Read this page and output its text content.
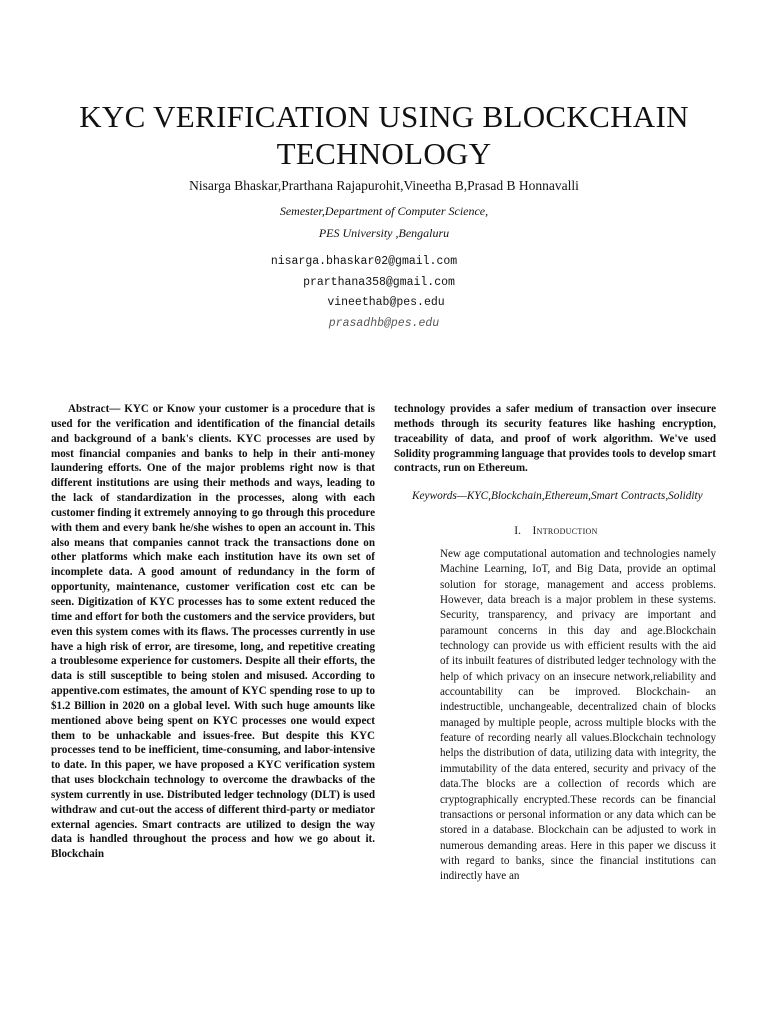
KYC VERIFICATION USING BLOCKCHAIN TECHNOLOGY
Nisarga Bhaskar,Prarthana Rajapurohit,Vineetha B,Prasad B Honnavalli
Semester,Department of Computer Science,
PES University ,Bengaluru
nisarga.bhaskar02@gmail.com
prarthana358@gmail.com
vineethab@pes.edu
prasadhb@pes.edu
Abstract— KYC or Know your customer is a procedure that is used for the verification and identification of the financial details and background of a bank's clients. KYC processes are used by most financial companies and banks to help in their anti-money laundering efforts. One of the major problems right now is that different institutions are using their methods and ways, leading to the lack of standardization in the processes, along with each customer finding it extremely annoying to go through this procedure with them and every bank he/she wishes to open an account in. This also means that companies cannot track the transactions done on other platforms which make each institution have its own set of incomplete data. A good amount of redundancy in the form of opportunity, maintenance, customer verification cost etc can be seen. Digitization of KYC processes has to some extent reduced the time and effort for both the customers and the service providers, but even this system comes with its flaws. The processes currently in use have a high risk of error, are tiresome, long, and repetitive creating a troublesome experience for customers. Despite all their efforts, the data is still susceptible to being stolen and misused. According to appentive.com estimates, the amount of KYC spending rose to up to $1.2 Billion in 2020 on a global level. With such huge amounts like mentioned above being spent on KYC processes one would expect them to be unhackable and issues-free. But despite this KYC processes tend to be inefficient, time-consuming, and labor-intensive to date. In this paper, we have proposed a KYC verification system that uses blockchain technology to overcome the drawbacks of the system currently in use. Distributed ledger technology (DLT) is used withdraw and cut-out the access of different third-party or mediator external agencies. Smart contracts are utilized to design the way data is handled throughout the process and how we go about it. Blockchain
technology provides a safer medium of transaction over insecure methods through its security features like hashing encryption, traceability of data, and proof of work algorithm. We've used Solidity programming language that provides tools to develop smart contracts, run on Ethereum.
Keywords—KYC,Blockchain,Ethereum,Smart Contracts,Solidity
I. Introduction
New age computational automation and technologies namely Machine Learning, IoT, and Big Data, provide an optimal solution for storage, management and access problems. However, data breach is a major problem in these systems. Security, transparency, and privacy are important and paramount concerns in this day and age.Blockchain technology can provide us with efficient results with the aid of its inbuilt features of distributed ledger technology with the help of which privacy on an insecure network,reliability and accountability can be improved. Blockchain- an indestructible, unchangeable, decentralized chain of blocks managed by multiple people, across multiple blocks with the feature of recording nearly all values.Blockchain technology helps the distribution of data, utilizing data with integrity, the immutability of the data entered, security and privacy of the data.The blocks are a collection of records which are cryptographically encrypted.These records can be financial transactions or personal information or any data which can be stored in a database. Blockchain can be adjusted to work in numerous demanding areas. Here in this paper we discuss it with regard to banks, since the financial institutions can indirectly have an
